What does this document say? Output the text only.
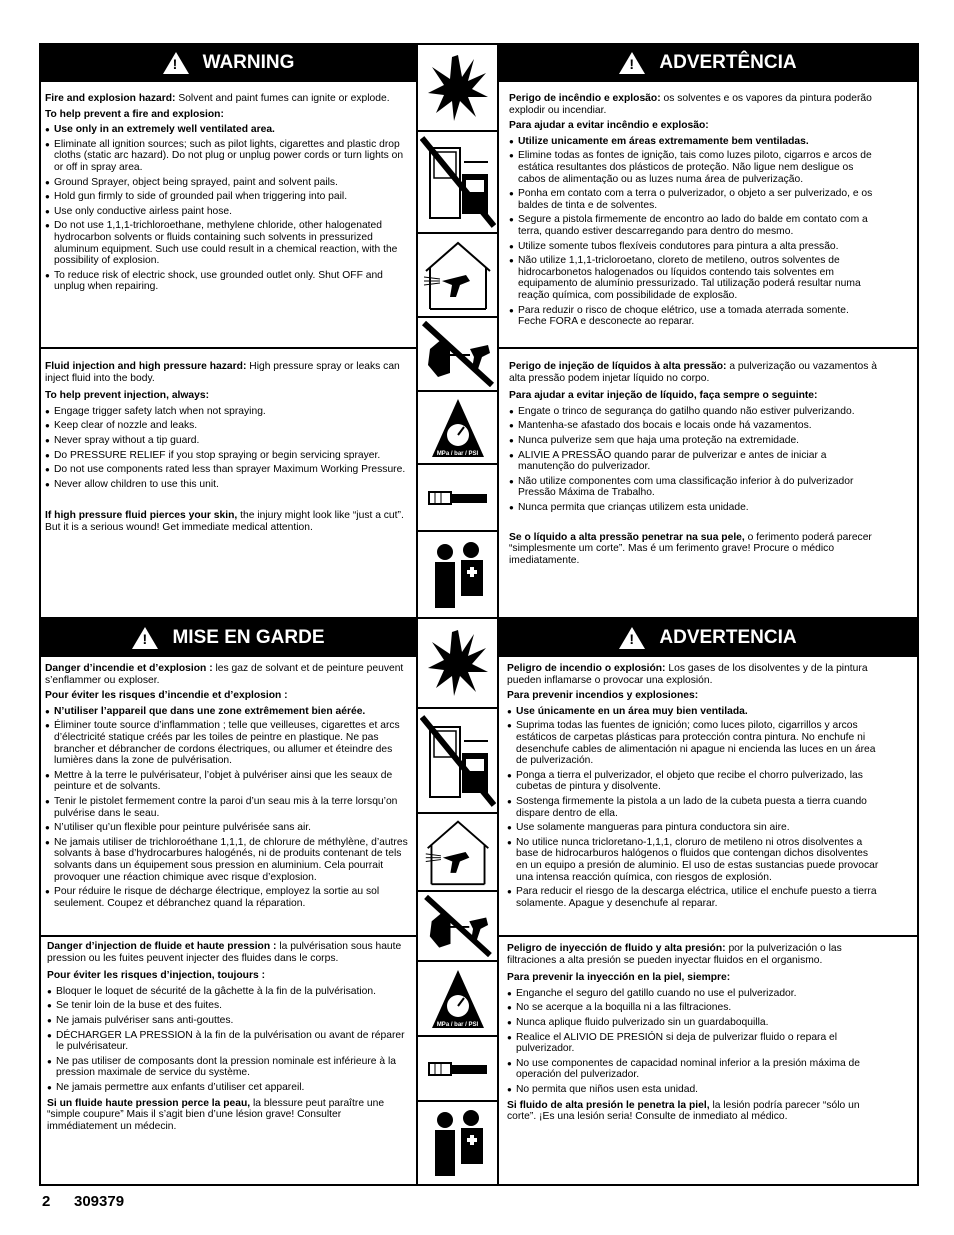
! WARNING	! ADVERTÊNCIA
! MISE EN GARDE	! ADVERTENCIA

Fire and explosion hazard: Solvent and paint fumes can ignite or explode.

To help prevent a fire and explosion:

● Use only in an extremely well ventilated area.
● Eliminate all ignition sources; such as pilot lights, cigarettes and plastic drop cloths (static arc hazard). Do not plug or unplug power cords or turn lights on or off in spray area.
● Ground Sprayer, object being sprayed, paint and solvent pails.
● Hold gun firmly to side of grounded pail when triggering into pail.
● Use only conductive airless paint hose.
● Do not use 1,1,1-trichloroethane, methylene chloride, other halogenated hydrocarbon solvents or fluids containing such solvents in pressurized aluminum equipment. Such use could result in a chemical reaction, with the possibility of explosion.
● To reduce risk of electric shock, use grounded outlet only. Shut OFF and unplug when repairing.

Fluid injection and high pressure hazard: High pressure spray or leaks can inject fluid into the body.

To help prevent injection, always:

● Engage trigger safety latch when not spraying.
● Keep clear of nozzle and leaks.
● Never spray without a tip guard.
● Do PRESSURE RELIEF if you stop spraying or begin servicing sprayer.
● Do not use components rated less than sprayer Maximum Working Pressure.
● Never allow children to use this unit.

If high pressure fluid pierces your skin, the injury might look like “just a cut”. But it is a serious wound! Get immediate medical attention.

Perigo de incêndio e explosão: os solventes e os vapores da pintura poderão explodir ou incendiar.

Para ajudar a evitar incêndio e explosão:

● Utilize unicamente em áreas extremamente bem ventiladas.
● Elimine todas as fontes de ignição, tais como luzes piloto, cigarros e arcos de estática resultantes dos plásticos de proteção. Não ligue nem desligue os cabos de alimentação ou as luzes numa área de pulverização.
● Ponha em contato com a terra o pulverizador, o objeto a ser pulverizado, e os baldes de tinta e de solventes.
● Segure a pistola firmemente de encontro ao lado do balde em contato com a terra, quando estiver descarregando para dentro do mesmo.
● Utilize somente tubos flexíveis condutores para pintura a alta pressão.
● Não utilize 1,1,1-tricloroetano, cloreto de metileno, outros solventes de hidrocarbonetos halogenados ou líquidos contendo tais solventes em equipamento de alumínio pressurizado. Tal utilização poderá resultar numa reação química, com possibilidade de explosão.
● Para reduzir o risco de choque elétrico, use a tomada aterrada somente. Feche FORA e desconecte ao reparar.

Perigo de injeção de líquidos à alta pressão: a pulverização ou vazamentos à alta pressão podem injetar líquido no corpo.

Para ajudar a evitar injeção de líquido, faça sempre o seguinte:

● Engate o trinco de segurança do gatilho quando não estiver pulverizando.
● Mantenha-se afastado dos bocais e locais onde há vazamentos.
● Nunca pulverize sem que haja uma proteção na extremidade.
● ALIVIE A PRESSÃO quando parar de pulverizar e antes de iniciar a manutenção do pulverizador.
● Não utilize componentes com uma classificação inferior à do pulverizador Pressão Máxima de Trabalho.
● Nunca permita que crianças utilizem esta unidade.

Se o líquido a alta pressão penetrar na sua pele, o ferimento poderá parecer “simplesmente um corte”. Mas é um ferimento grave! Procure o médico imediatamente.

Danger d’incendie et d’explosion : les gaz de solvant et de peinture peuvent s’enflammer ou exploser.

Pour éviter les risques d’incendie et d’explosion :

● N’utiliser l’appareil que dans une zone extrêmement bien aérée.
● Éliminer toute source d’inflammation ; telle que veilleuses, cigarettes et arcs d’électricité statique créés par les toiles de peintre en plastique. Ne pas brancher et débrancher de cordons électriques, ou allumer et éteindre des lumières dans la zone de pulvérisation.
● Mettre à la terre le pulvérisateur, l’objet à pulvériser ainsi que les seaux de peinture et de solvants.
● Tenir le pistolet fermement contre la paroi d’un seau mis à la terre lorsqu’on pulvérise dans le seau.
● N’utiliser qu’un flexible pour peinture pulvérisée sans air.
● Ne jamais utiliser de trichloroéthane 1,1,1, de chlorure de méthylène, d’autres solvants à base d’hydrocarbures halogénés, ni de produits contenant de tels solvants dans un équipement sous pression en aluminium. Cela pourrait provoquer une réaction chimique avec risque d’explosion.
● Pour réduire le risque de décharge électrique, employez la sortie au sol seulement. Coupez et débranchez quand la réparation.

Danger d’injection de fluide et haute pression : la pulvérisation sous haute pression ou les fuites peuvent injecter des fluides dans le corps.

Pour éviter les risques d’injection, toujours :

● Bloquer le loquet de sécurité de la gâchette à la fin de la pulvérisation.
● Se tenir loin de la buse et des fuites.
● Ne jamais pulvériser sans anti-gouttes.
● DÉCHARGER LA PRESSION à la fin de la pulvérisation ou avant de réparer le pulvérisateur.
● Ne pas utiliser de composants dont la pression nominale est inférieure à la pression maximale de service du système.
● Ne jamais permettre aux enfants d’utiliser cet appareil.

Si un fluide haute pression perce la peau, la blessure peut paraître une “simple coupure” Mais il s’agit bien d’une lésion grave! Consulter immédiatement un médecin.

Peligro de incendio o explosión: Los gases de los disolventes y de la pintura pueden inflamarse o provocar una explosión.

Para prevenir incendios y explosiones:

● Use únicamente en un área muy bien ventilada.
● Suprima todas las fuentes de ignición; como luces piloto, cigarrillos y arcos estáticos de carpetas plásticas para protección contra pintura. No enchufe ni desenchufe cables de alimentación ni apague ni encienda las luces en un área de pulverización.
● Ponga a tierra el pulverizador, el objeto que recibe el chorro pulverizado, las cubetas de pintura y disolvente.
● Sostenga firmemente la pistola a un lado de la cubeta puesta a tierra cuando dispare dentro de ella.
● Use solamente mangueras para pintura conductora sin aire.
● No utilice nunca tricloretano-1,1,1, cloruro de metileno ni otros disolventes a base de hidrocarburos halógenos o fluidos que contengan dichos disolventes en un equipo a presión de aluminio. El uso de estas sustancias puede provocar una intensa reacción química, con riesgos de explosión.
● Para reducir el riesgo de la descarga eléctrica, utilice el enchufe puesto a tierra solamente. Apague y desenchufe al reparar.

Peligro de inyección de fluido y alta presión: por la pulverización o las filtraciones a alta presión se pueden inyectar fluidos en el organismo.

Para prevenir la inyección en la piel, siempre:

● Enganche el seguro del gatillo cuando no use el pulverizador.
● No se acerque a la boquilla ni a las filtraciones.
● Nunca aplique fluido pulverizado sin un guardaboquilla.
● Realice el ALIVIO DE PRESIÓN si deja de pulverizar fluido o repara el pulverizador.
● No use componentes de capacidad nominal inferior a la presión máxima de operación del pulverizador.
● No permita que niños usen esta unidad.

Si fluido de alta presión le penetra la piel, la lesión podría parecer “sólo un corte”. ¡Es una lesión seria! Consulte de inmediato al médico.

MPa / bar / PSI
MPa / bar / PSI
2 309379
